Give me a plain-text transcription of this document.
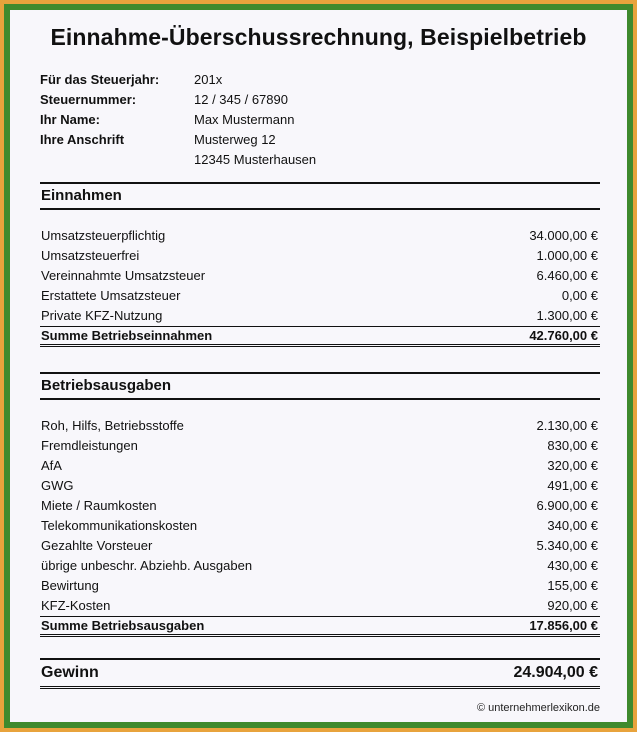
Einnahme-Überschussrechnung, Beispielbetrieb
Für das Steuerjahr:	201x
Steuernummer:	12 / 345 / 67890
Ihr Name:	Max Mustermann
Ihre Anschrift	Musterweg 12
12345 Musterhausen
Einnahmen
Umsatzsteuerpflichtig	34.000,00 €
Umsatzsteuerfrei	1.000,00 €
Vereinnahmte Umsatzsteuer	6.460,00 €
Erstattete Umsatzsteuer	0,00 €
Private KFZ-Nutzung	1.300,00 €
Summe Betriebseinnahmen	42.760,00 €
Betriebsausgaben
Roh, Hilfs, Betriebsstoffe	2.130,00 €
Fremdleistungen	830,00 €
AfA	320,00 €
GWG	491,00 €
Miete / Raumkosten	6.900,00 €
Telekommunikationskosten	340,00 €
Gezahlte Vorsteuer	5.340,00 €
übrige unbeschr. Abziehb. Ausgaben	430,00 €
Bewirtung	155,00 €
KFZ-Kosten	920,00 €
Summe Betriebsausgaben	17.856,00 €
Gewinn	24.904,00 €
© unternehmerlexikon.de
